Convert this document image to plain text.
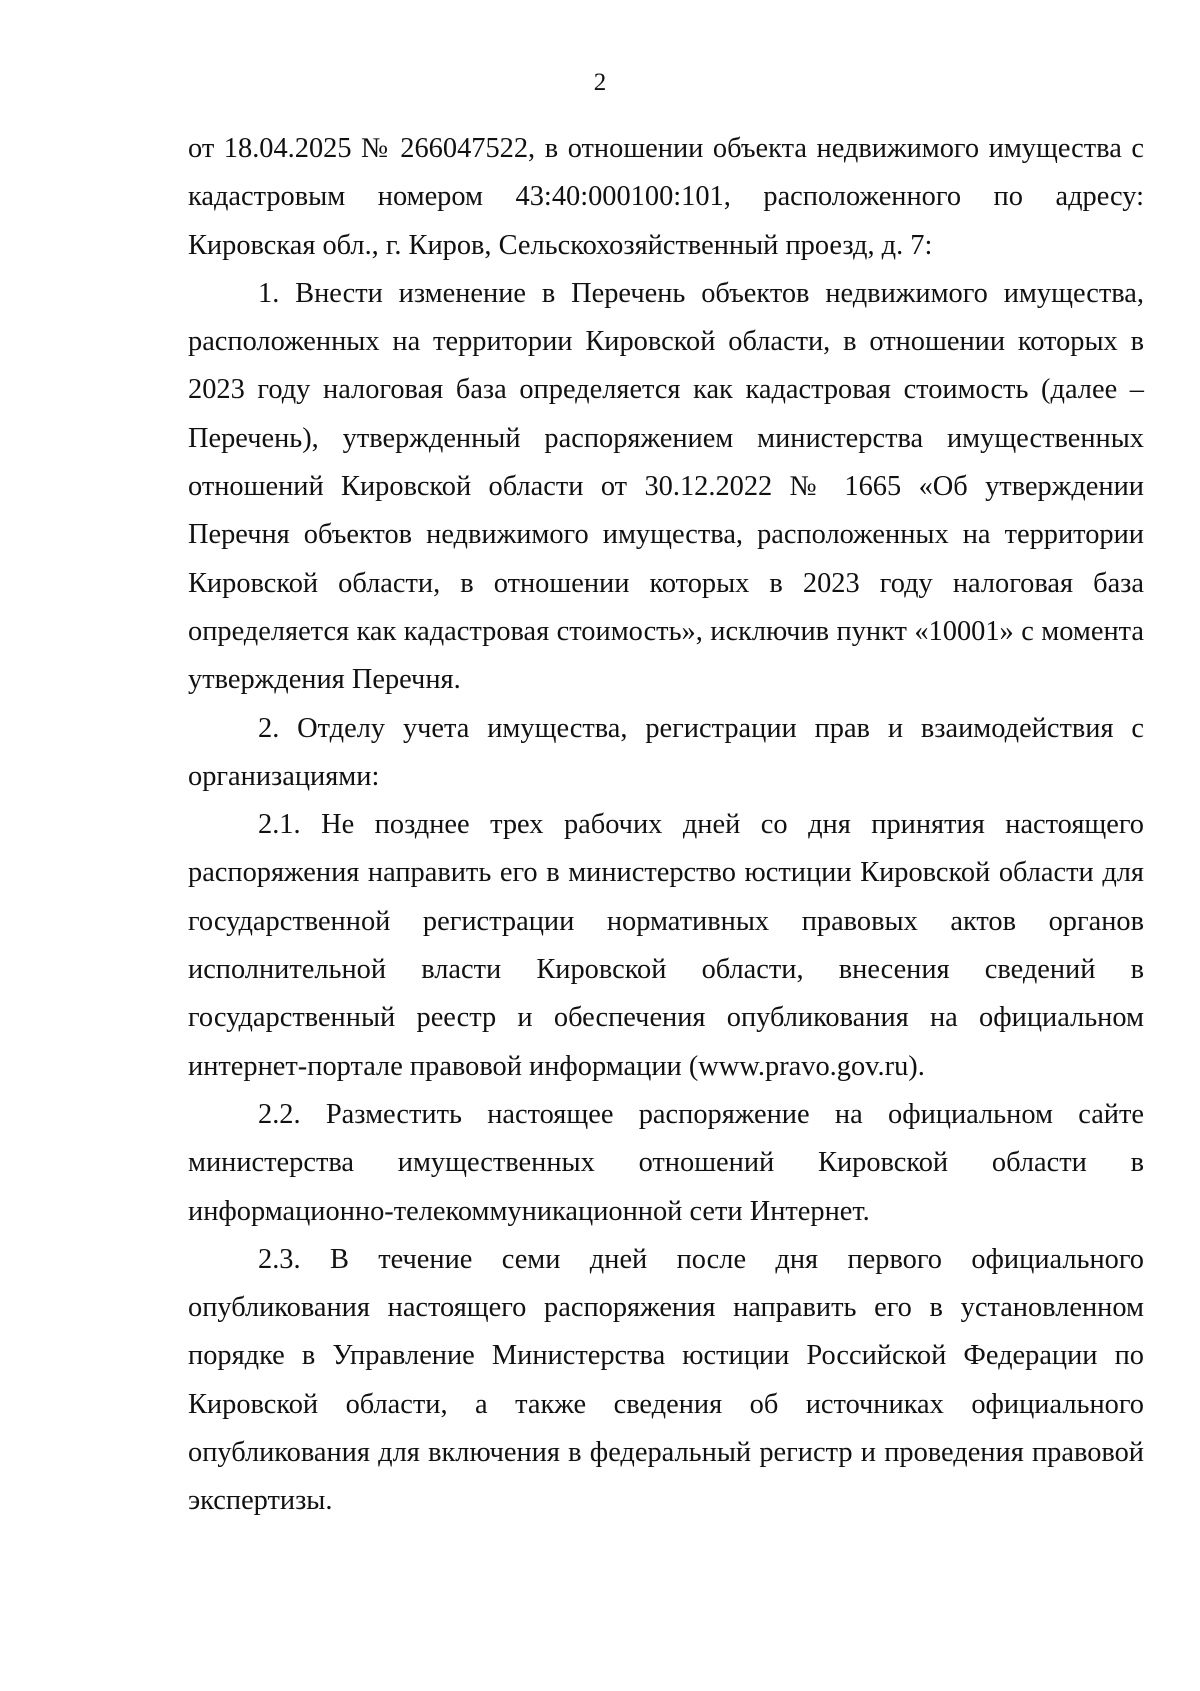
2

от 18.04.2025 № 266047522, в отношении объекта недвижимого имущества с кадастровым номером 43:40:000100:101, расположенного по адресу: Кировская обл., г. Киров, Сельскохозяйственный проезд, д. 7:

1. Внести изменение в Перечень объектов недвижимого имущества, расположенных на территории Кировской области, в отношении которых в 2023 году налоговая база определяется как кадастровая стоимость (далее – Перечень), утвержденный распоряжением министерства имущественных отношений Кировской области от 30.12.2022 № 1665 «Об утверждении Перечня объектов недвижимого имущества, расположенных на территории Кировской области, в отношении которых в 2023 году налоговая база определяется как кадастровая стоимость», исключив пункт «10001» с момента утверждения Перечня.

2. Отделу учета имущества, регистрации прав и взаимодействия с организациями:

2.1. Не позднее трех рабочих дней со дня принятия настоящего распоряжения направить его в министерство юстиции Кировской области для государственной регистрации нормативных правовых актов органов исполнительной власти Кировской области, внесения сведений в государственный реестр и обеспечения опубликования на официальном интернет-портале правовой информации (www.pravo.gov.ru).

2.2. Разместить настоящее распоряжение на официальном сайте министерства имущественных отношений Кировской области в информационно-телекоммуникационной сети Интернет.

2.3. В течение семи дней после дня первого официального опубликования настоящего распоряжения направить его в установленном порядке в Управление Министерства юстиции Российской Федерации по Кировской области, а также сведения об источниках официального опубликования для включения в федеральный регистр и проведения правовой экспертизы.
